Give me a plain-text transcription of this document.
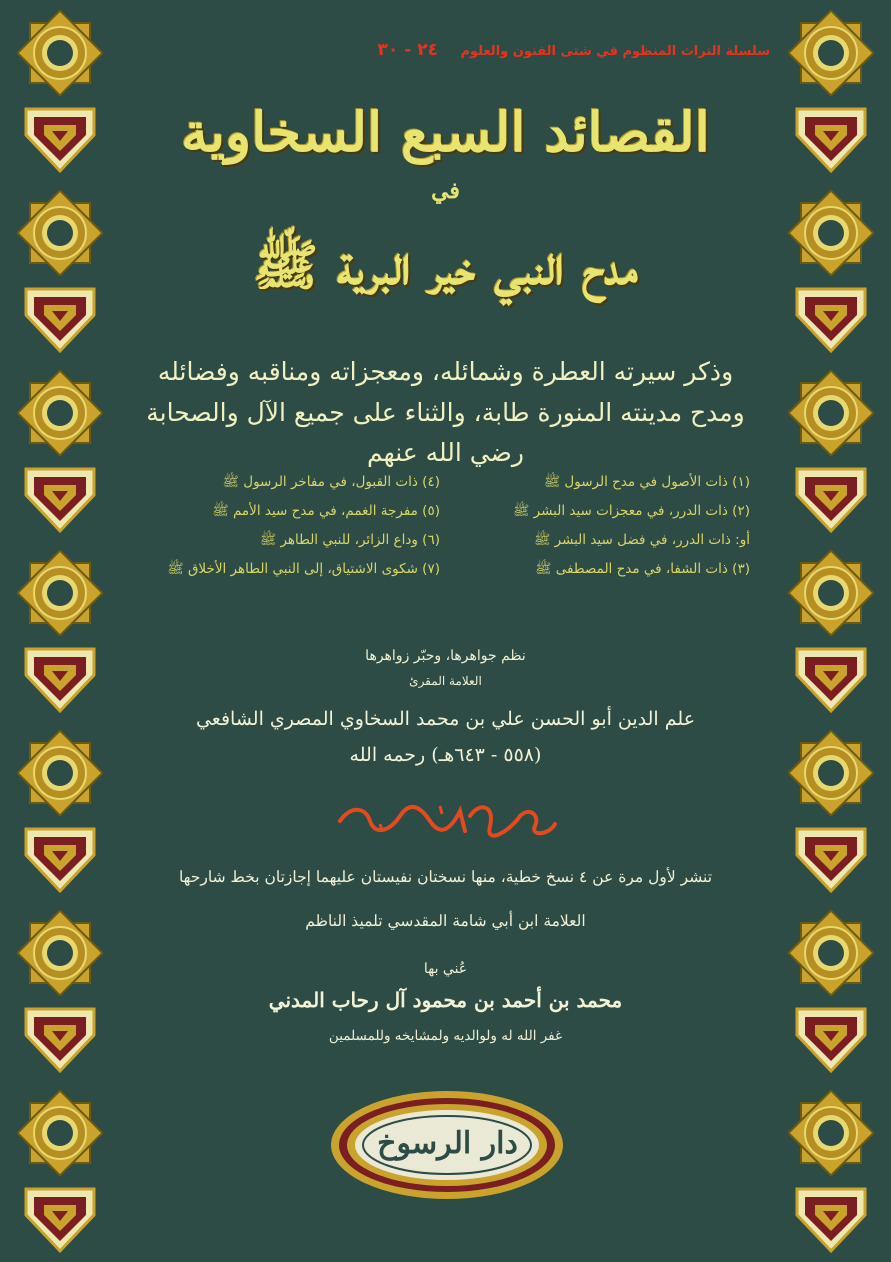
سلسلة التراث المنظوم في شتى الفنون والعلوم ٢٤ - ٣٠
القصائد السبع السخاوية
في
مدح النبي خير البرية ﷺ
وذكر سيرته العطرة وشمائله، ومعجزاته ومناقبه وفضائله
ومدح مدينته المنورة طابة، والثناء على جميع الآل والصحابة رضي الله عنهم
(١) ذات الأصول في مدح الرسول ﷺ
(٢) ذات الدرر، في معجزات سيد البشر ﷺ
أو: ذات الدرر، في فضل سيد البشر ﷺ
(٣) ذات الشفا، في مدح المصطفى ﷺ
(٤) ذات القبول، في مفاخر الرسول ﷺ
(٥) مفرجة الغمم، في مدح سيد الأمم ﷺ
(٦) وداع الزائر، للنبي الطاهر ﷺ
(٧) شكوى الاشتياق، إلى النبي الطاهر الأخلاق ﷺ
نظم جواهرها، وحبّر زواهرها
العلامة المقرئ
علم الدين أبو الحسن علي بن محمد السخاوي المصري الشافعي
(٥٥٨ - ٦٤٣هـ) رحمه الله
تنشر لأول مرة عن ٤ نسخ خطية، منها نسختان نفيستان عليهما إجازتان بخط شارحها
العلامة ابن أبي شامة المقدسي تلميذ الناظم
عُني بها
محمد بن أحمد بن محمود آل رحاب المدني
غفر الله له ولوالديه ولمشايخه وللمسلمين
دار الرسوخ
